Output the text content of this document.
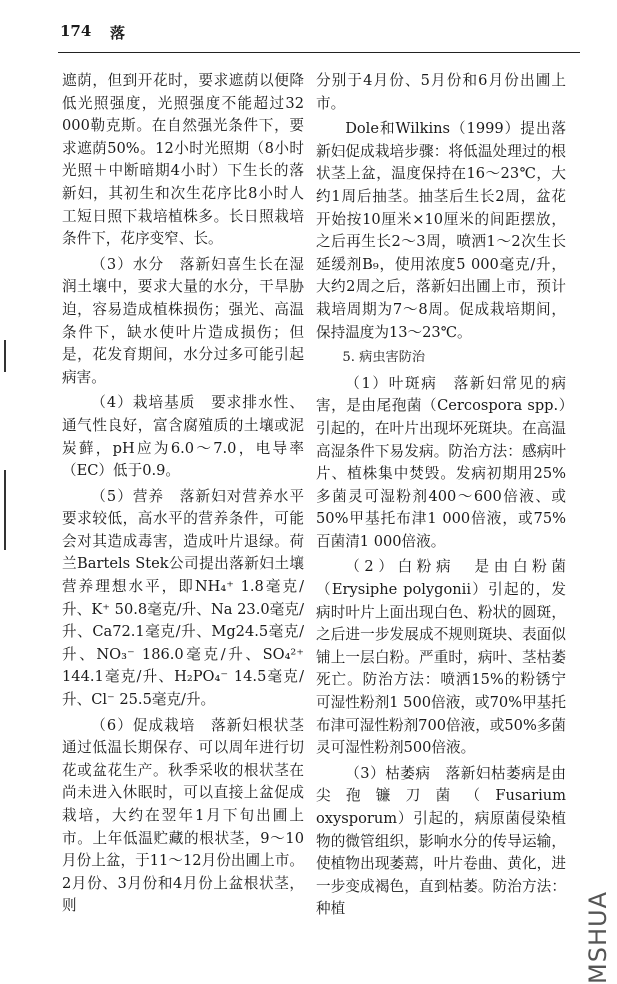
174 落

遮荫，但到开花时，要求遮荫以便降低光照强度，光照强度不能超过32 000勒克斯。在自然强光条件下，要求遮荫50%。12小时光照期（8小时光照＋中断暗期4小时）下生长的落新妇，其初生和次生花序比8小时人工短日照下栽培植株多。长日照栽培条件下，花序变窄、长。

（3）水分　落新妇喜生长在湿润土壤中，要求大量的水分，干旱胁迫，容易造成植株损伤；强光、高温条件下，缺水使叶片造成损伤；但是，花发育期间，水分过多可能引起病害。

（4）栽培基质　要求排水性、通气性良好，富含腐殖质的土壤或泥炭藓，pH应为6.0～7.0，电导率（EC）低于0.9。

（5）营养　落新妇对营养水平要求较低，高水平的营养条件，可能会对其造成毒害，造成叶片退绿。荷兰Bartels Stek公司提出落新妇土壤营养理想水平，即NH₄⁺ 1.8毫克/升、K⁺ 50.8毫克/升、Na 23.0毫克/升、Ca72.1毫克/升、Mg24.5毫克/升、NO₃⁻ 186.0毫克/升、SO₄²⁺ 144.1毫克/升、H₂PO₄⁻ 14.5毫克/升、Cl⁻ 25.5毫克/升。

（6）促成栽培　落新妇根状茎通过低温长期保存、可以周年进行切花或盆花生产。秋季采收的根状茎在尚未进入休眠时，可以直接上盆促成栽培，大约在翌年1月下旬出圃上市。上年低温贮藏的根状茎，9～10月份上盆，于11～12月份出圃上市。2月份、3月份和4月份上盆根状茎，则

分别于4月份、5月份和6月份出圃上市。

Dole和Wilkins（1999）提出落新妇促成栽培步骤：将低温处理过的根状茎上盆，温度保持在16～23℃，大约1周后抽茎。抽茎后生长2周，盆花开始按10厘米×10厘米的间距摆放，之后再生长2～3周，喷洒1～2次生长延缓剂B₉，使用浓度5 000毫克/升，大约2周之后，落新妇出圃上市，预计栽培周期为7～8周。促成栽培期间，保持温度为13～23℃。

5. 病虫害防治

（1）叶斑病　落新妇常见的病害，是由尾孢菌（Cercospora spp.）引起的，在叶片出现坏死斑块。在高温高湿条件下易发病。防治方法：感病叶片、植株集中焚毁。发病初期用25%多菌灵可湿粉剂400～600倍液、或50%甲基托布津1 000倍液，或75%百菌清1 000倍液。

（2）白粉病　是由白粉菌（Erysiphe polygonii）引起的，发病时叶片上面出现白色、粉状的圆斑，之后进一步发展成不规则斑块、表面似铺上一层白粉。严重时，病叶、茎枯萎死亡。防治方法：喷洒15%的粉锈宁可湿性粉剂1 500倍液，或70%甲基托布津可湿性粉剂700倍液，或50%多菌灵可湿性粉剂500倍液。

（3）枯萎病　落新妇枯萎病是由尖孢镰刀菌（Fusarium oxysporum）引起的，病原菌侵染植物的微管组织，影响水分的传导运输，使植物出现萎蔫，叶片卷曲、黄化，进一步变成褐色，直到枯萎。防治方法：种植	MSHUA
